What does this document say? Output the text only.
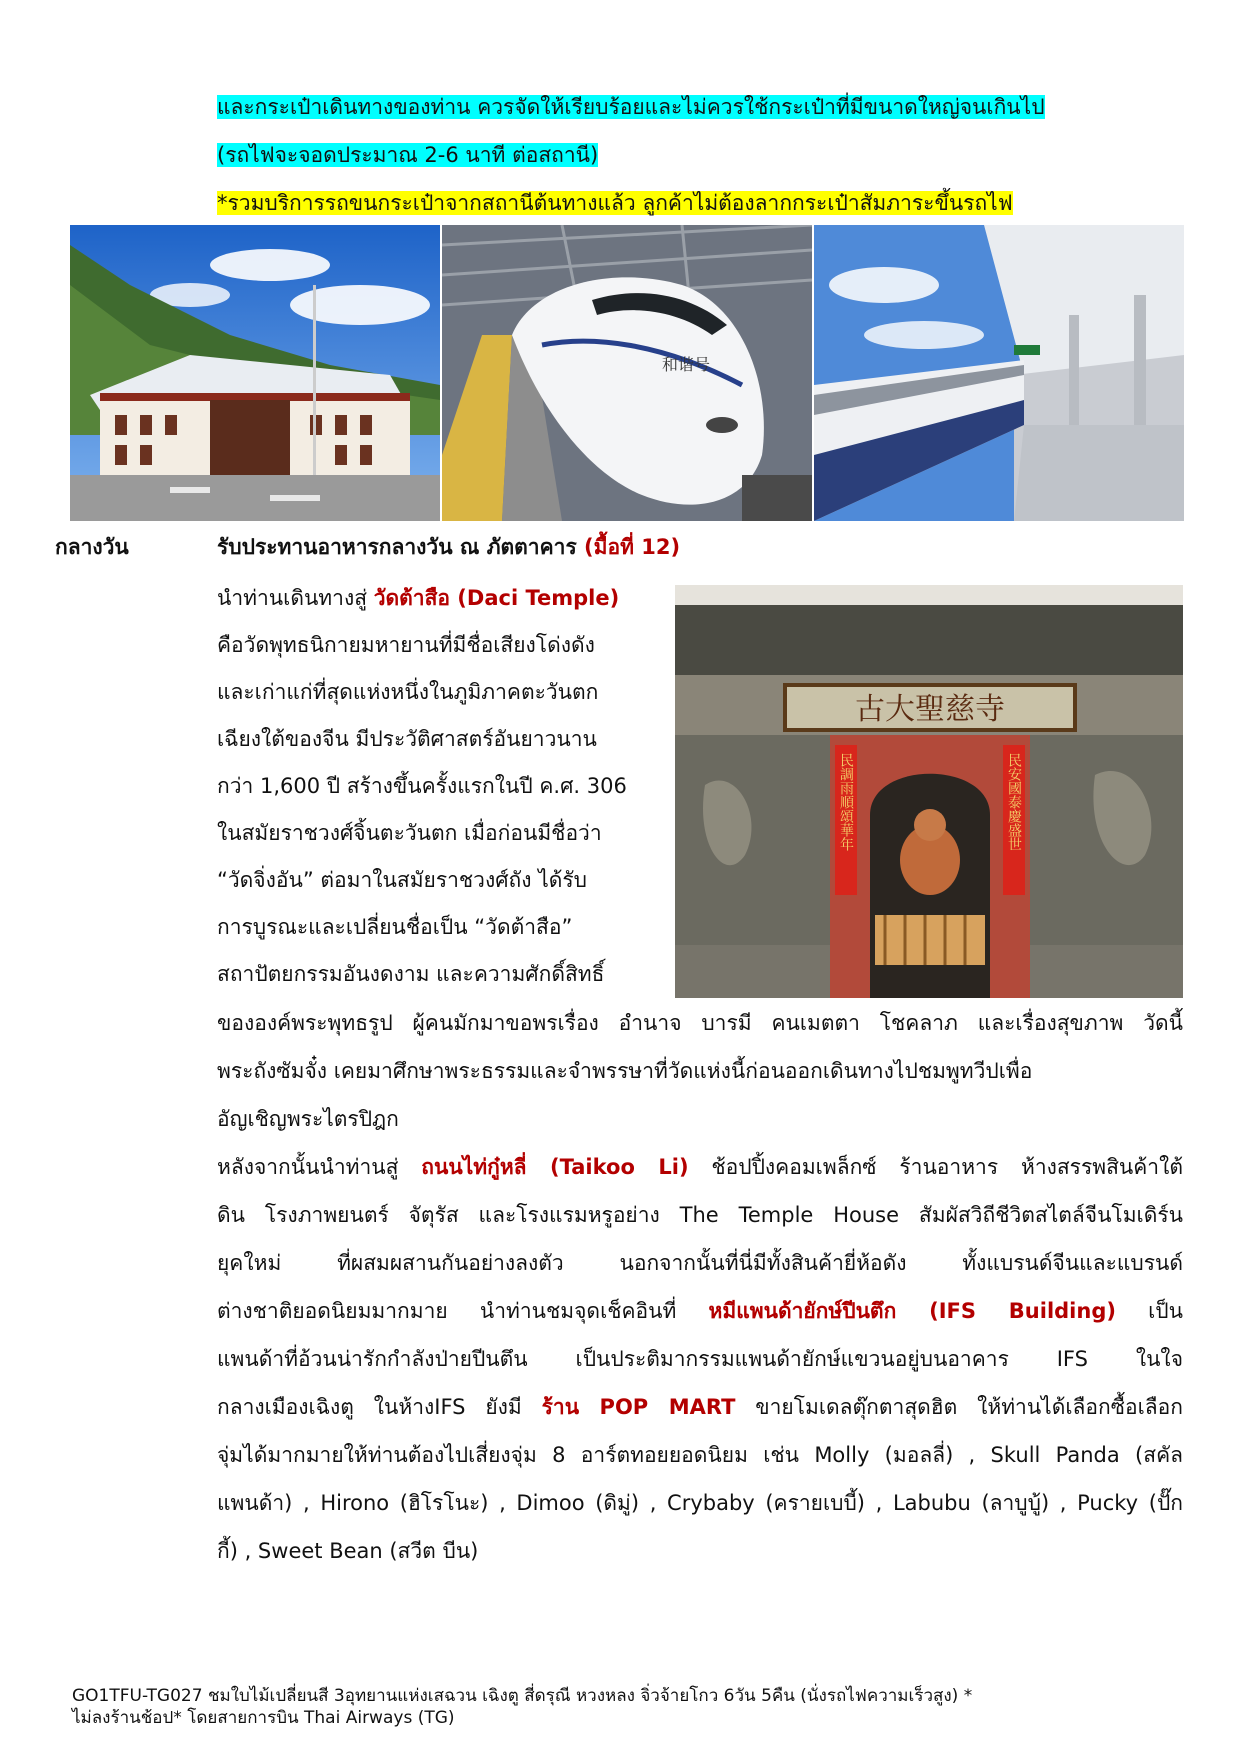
และกระเป๋าเดินทางของท่าน ควรจัดให้เรียบร้อยและไม่ควรใช้กระเป๋าที่มีขนาดใหญ่จนเกินไป
(รถไฟจะจอดประมาณ 2-6 นาที ต่อสถานี)
*รวมบริการรถขนกระเป๋าจากสถานีต้นทางแล้ว ลูกค้าไม่ต้องลากกระเป๋าสัมภาระขึ้นรถไฟ
和谐号
กลางวัน	รับประทานอาหารกลางวัน ณ ภัตตาคาร (มื้อที่ 12)
นำท่านเดินทางสู่ วัดต้าสือ (Daci Temple)
คือวัดพุทธนิกายมหายานที่มีชื่อเสียงโด่งดัง
และเก่าแก่ที่สุดแห่งหนึ่งในภูมิภาคตะวันตก
เฉียงใต้ของจีน มีประวัติศาสตร์อันยาวนาน
กว่า 1,600 ปี สร้างขึ้นครั้งแรกในปี ค.ศ. 306
ในสมัยราชวงศ์จิ้นตะวันตก เมื่อก่อนมีชื่อว่า
“วัดจิ่งอัน” ต่อมาในสมัยราชวงศ์ถัง ได้รับ
การบูรณะและเปลี่ยนชื่อเป็น “วัดต้าสือ”
สถาปัตยกรรมอันงดงาม และความศักดิ์สิทธิ์
古大聖慈寺
民調雨順頌華年	民安國泰慶盛世
ขององค์พระพุทธรูป ผู้คนมักมาขอพรเรื่อง อำนาจ บารมี คนเมตตา โชคลาภ และเรื่องสุขภาพ วัดนี้
พระถังซัมจั๋ง เคยมาศึกษาพระธรรมและจำพรรษาที่วัดแห่งนี้ก่อนออกเดินทางไปชมพูทวีปเพื่อ
อัญเชิญพระไตรปิฎก
หลังจากนั้นนำท่านสู่ ถนนไท่กู๋หลี่ (Taikoo Li) ช้อปปิ้งคอมเพล็กซ์ ร้านอาหาร ห้างสรรพสินค้าใต้
ดิน โรงภาพยนตร์ จัตุรัส และโรงแรมหรูอย่าง The Temple House สัมผัสวิถีชีวิตสไตล์จีนโมเดิร์น
ยุคใหม่ ที่ผสมผสานกันอย่างลงตัว นอกจากนั้นที่นี่มีทั้งสินค้ายี่ห้อดัง ทั้งแบรนด์จีนและแบรนด์
ต่างชาติยอดนิยมมากมาย นำท่านชมจุดเช็คอินที่ หมีแพนด้ายักษ์ปีนตึก (IFS Building) เป็น
แพนด้าที่อ้วนน่ารักกำลังป่ายปีนตึน เป็นประติมากรรมแพนด้ายักษ์แขวนอยู่บนอาคาร IFS ในใจ
กลางเมืองเฉิงตู ในห้างIFS ยังมี ร้าน POP MART ขายโมเดลตุ๊กตาสุดฮิต ให้ท่านได้เลือกซื้อเลือก
จุ่มได้มากมายให้ท่านต้องไปเสี่ยงจุ่ม 8 อาร์ตทอยยอดนิยม เช่น Molly (มอลลี่) , Skull Panda (สคัล
แพนด้า) , Hirono (ฮิโรโนะ) , Dimoo (ดิมู่) , Crybaby (ครายเบบี้) , Labubu (ลาบูบู้) , Pucky (ปั๊ก
กี้) , Sweet Bean (สวีต บีน)
GO1TFU-TG027 ชมใบไม้เปลี่ยนสี 3อุทยานแห่งเสฉวน เฉิงตู สี่ดรุณี หวงหลง จิ่วจ้ายโกว 6วัน 5คืน (นั่งรถไฟความเร็วสูง) *
ไม่ลงร้านช้อป* โดยสายการบิน Thai Airways (TG)
